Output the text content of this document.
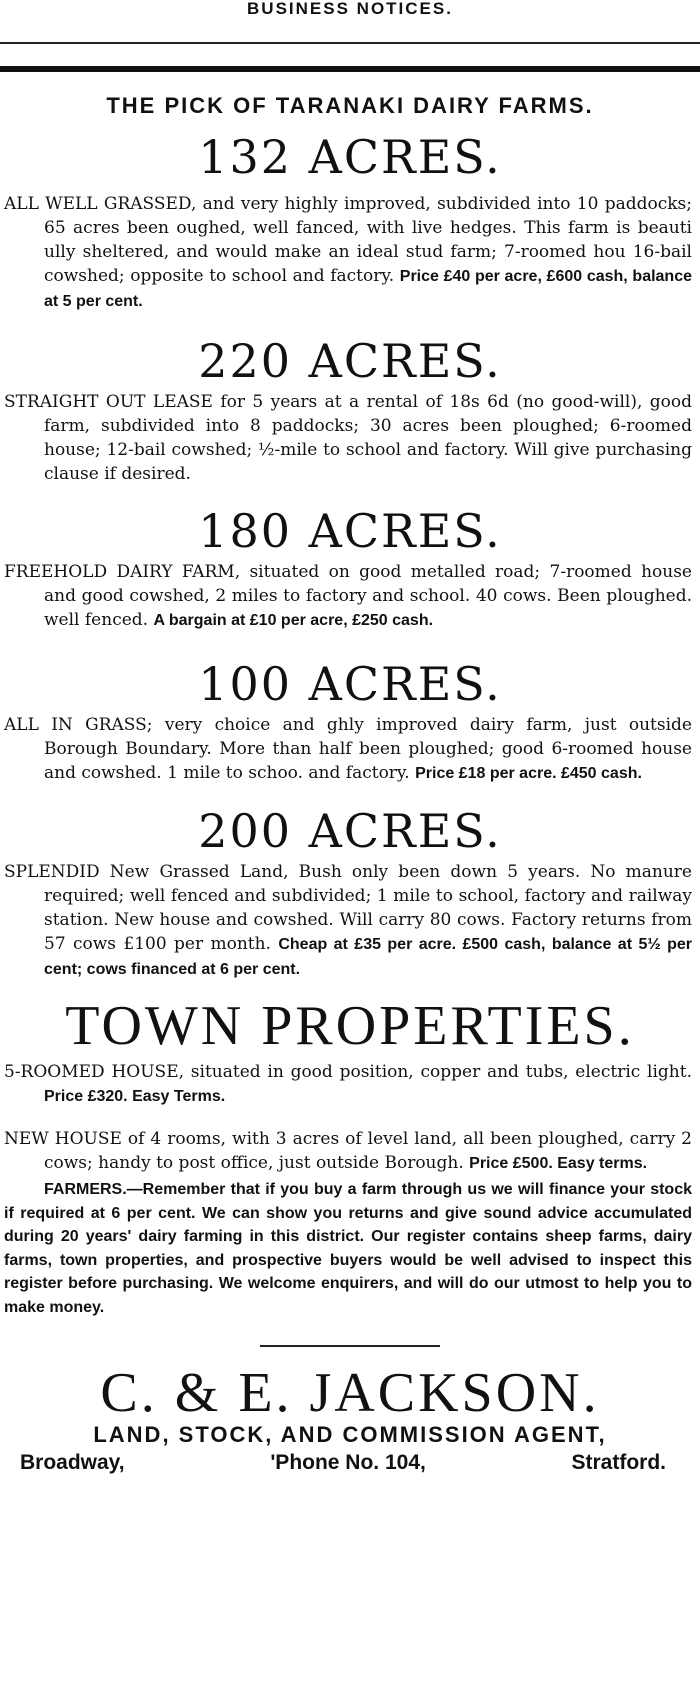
BUSINESS NOTICES.
THE PICK OF TARANAKI DAIRY FARMS.
132 ACRES.

ALL WELL GRASSED, and very highly improved, subdivided into 10 paddocks; 65 acres been oughed, well fanced, with live hedges. This farm is beauti ully sheltered, and would make an ideal stud farm; 7-roomed hou 16-bail cowshed; opposite to school and factory. Price £40 per acre, £600 cash, balance at 5 per cent.

220 ACRES.

STRAIGHT OUT LEASE for 5 years at a rental of 18s 6d (no good-will), good farm, subdivided into 8 paddocks; 30 acres been ploughed; 6-roomed house; 12-bail cowshed; ½-mile to school and factory. Will give purchasing clause if desired.

180 ACRES.

FREEHOLD DAIRY FARM, situated on good metalled road; 7-roomed house and good cowshed, 2 miles to factory and school. 40 cows. Been ploughed. well fenced. A bargain at £10 per acre, £250 cash.

100 ACRES.

ALL IN GRASS; very choice and ghly improved dairy farm, just outside Borough Boundary. More than half been ploughed; good 6-roomed house and cowshed. 1 mile to schoo. and factory. Price £18 per acre. £450 cash.

200 ACRES.

SPLENDID New Grassed Land, Bush only been down 5 years. No manure required; well fenced and subdivided; 1 mile to school, factory and railway station. New house and cowshed. Will carry 80 cows. Factory returns from 57 cows £100 per month. Cheap at £35 per acre. £500 cash, balance at 5½ per cent; cows financed at 6 per cent.

TOWN PROPERTIES.

5-ROOMED HOUSE, situated in good position, copper and tubs, electric light. Price £320. Easy Terms.

NEW HOUSE of 4 rooms, with 3 acres of level land, all been ploughed, carry 2 cows; handy to post office, just outside Borough. Price £500. Easy terms.

FARMERS.—Remember that if you buy a farm through us we will finance your stock if required at 6 per cent. We can show you returns and give sound advice accumulated during 20 years' dairy farming in this district. Our register contains sheep farms, dairy farms, town properties, and prospective buyers would be well advised to inspect this register before purchasing. We welcome enquirers, and will do our utmost to help you to make money.

C. & E. JACKSON.
LAND, STOCK, AND COMMISSION AGENT,
Broadway,	'Phone No. 104,	Stratford.
